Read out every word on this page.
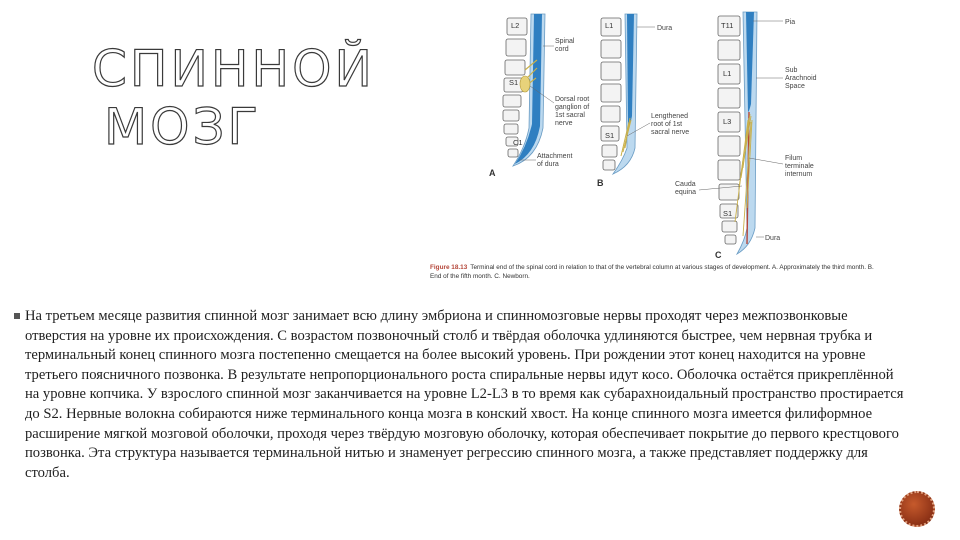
СПИННОЙ
МОЗГ
L2
S1
C1
Spinal
cord
Dorsal root
ganglion of
1st sacral
nerve
Attachment
of dura
A
L1
S1
Dura
Lengthened
root of 1st
sacral nerve
B
T11
L1
L3
S1
Pia
Sub
Arachnoid
Space
Filum
terminale
internum
Cauda
equina
Dura
C
Figure 18.13 Terminal end of the spinal cord in relation to that of the vertebral column at various stages of development. A. Approximately the third month. B. End of the fifth month. C. Newborn.
На третьем месяце развития спинной мозг занимает всю длину эмбриона и спинномозговые нервы проходят через межпозвонковые отверстия на уровне их происхождения. С возрастом позвоночный столб и твёрдая оболочка удлиняются быстрее, чем нервная трубка и терминальный конец спинного мозга постепенно смещается на более высокий уровень. При рождении этот конец находится на уровне третьего поясничного позвонка. В результате непропорционального роста спиральные нервы идут косо. Оболочка остаётся прикреплённой на уровне копчика. У взрослого спинной мозг заканчивается на уровне L2-L3 в то время как субарахноидальный пространство простирается до S2. Нервные волокна собираются ниже терминального конца мозга в конский хвост. На конце спинного мозга имеется филиформное расширение мягкой мозговой оболочки, проходя через твёрдую мозговую оболочку, которая обеспечивает покрытие до первого крестцового позвонка. Эта структура называется терминальной нитью и знаменует регрессию спинного мозга, а также представляет поддержку для столба.
